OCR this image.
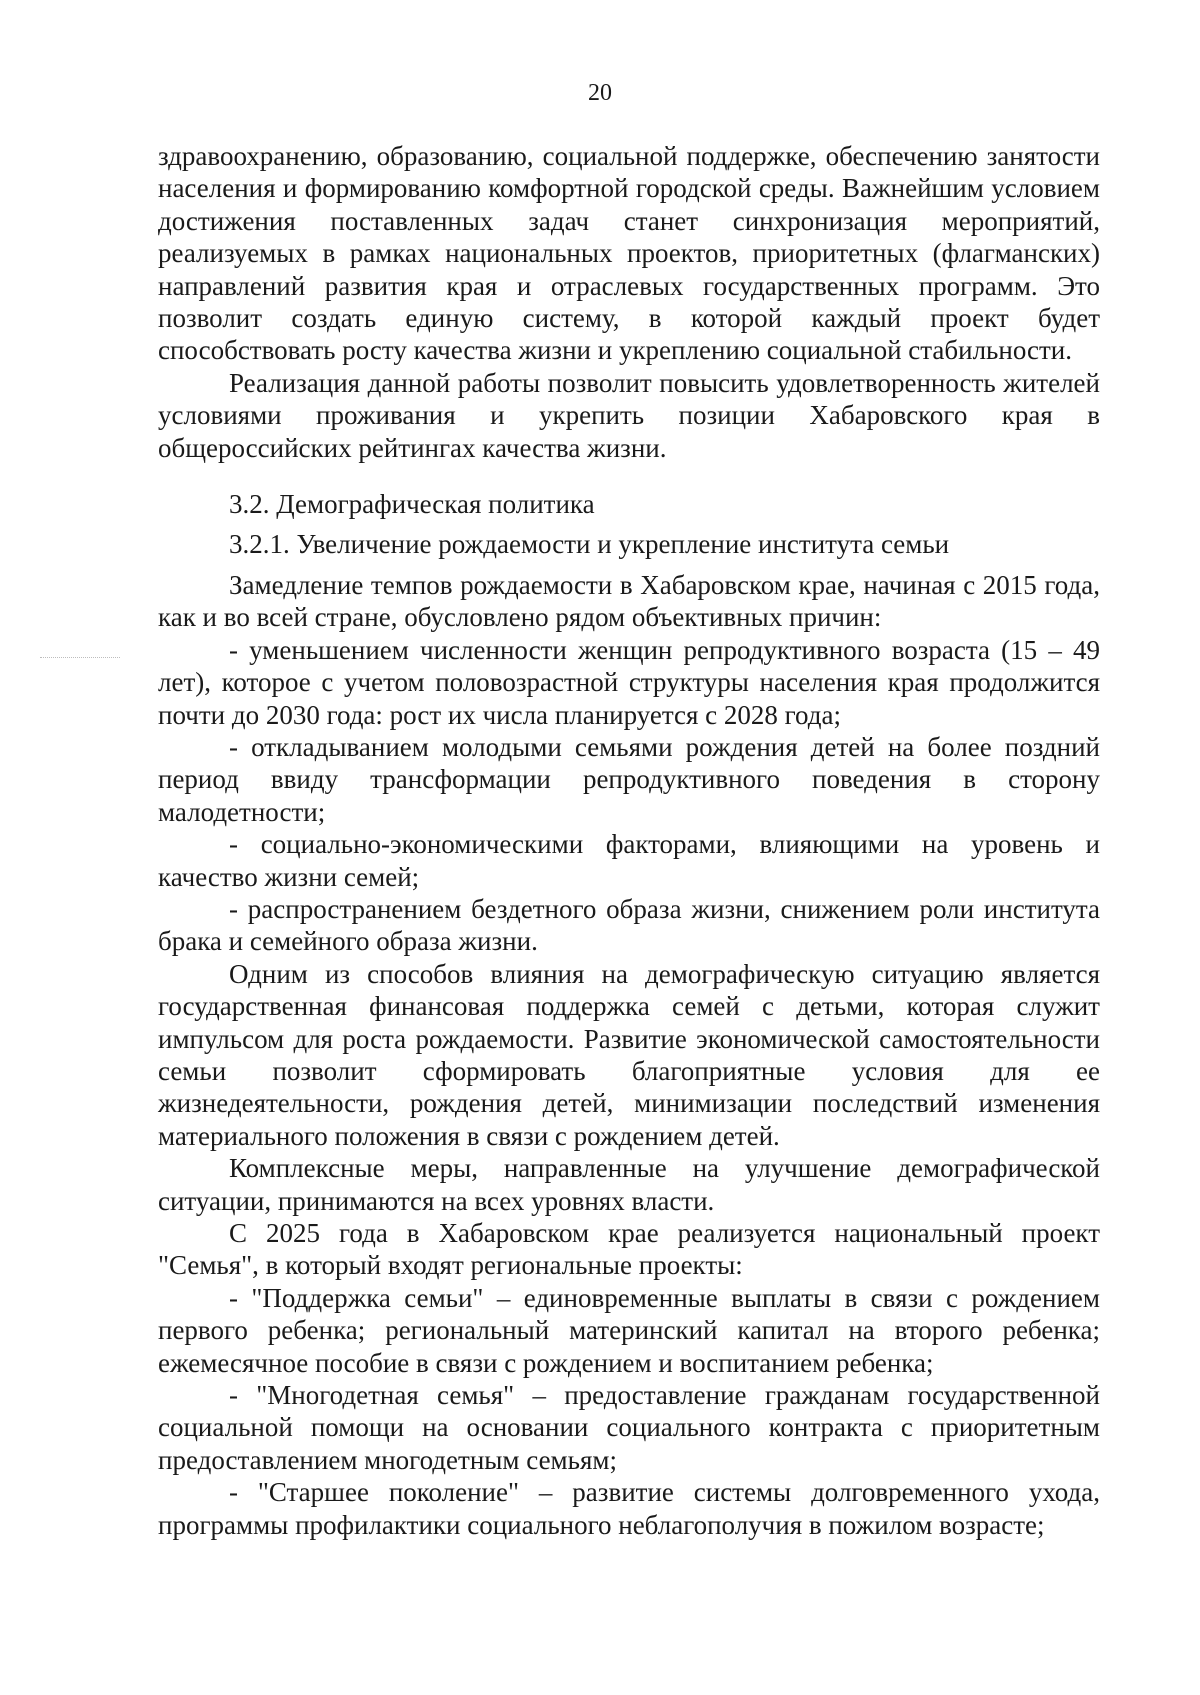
20

здравоохранению, образованию, социальной поддержке, обеспечению занятости населения и формированию комфортной городской среды. Важнейшим условием достижения поставленных задач станет синхронизация мероприятий, реализуемых в рамках национальных проектов, приоритетных (флагманских) направлений развития края и отраслевых государственных программ. Это позволит создать единую систему, в которой каждый проект будет способствовать росту качества жизни и укреплению социальной стабильности.

Реализация данной работы позволит повысить удовлетворенность жителей условиями проживания и укрепить позиции Хабаровского края в общероссийских рейтингах качества жизни.

3.2. Демографическая политика

3.2.1. Увеличение рождаемости и укрепление института семьи

Замедление темпов рождаемости в Хабаровском крае, начиная с 2015 года, как и во всей стране, обусловлено рядом объективных причин:

- уменьшением численности женщин репродуктивного возраста (15 – 49 лет), которое с учетом половозрастной структуры населения края продолжится почти до 2030 года: рост их числа планируется с 2028 года;

- откладыванием молодыми семьями рождения детей на более поздний период ввиду трансформации репродуктивного поведения в сторону малодетности;

- социально-экономическими факторами, влияющими на уровень и качество жизни семей;

- распространением бездетного образа жизни, снижением роли института брака и семейного образа жизни.

Одним из способов влияния на демографическую ситуацию является государственная финансовая поддержка семей с детьми, которая служит импульсом для роста рождаемости. Развитие экономической самостоятельности семьи позволит сформировать благоприятные условия для ее жизнедеятельности, рождения детей, минимизации последствий изменения материального положения в связи с рождением детей.

Комплексные меры, направленные на улучшение демографической ситуации, принимаются на всех уровнях власти.

С 2025 года в Хабаровском крае реализуется национальный проект "Семья", в который входят региональные проекты:

- "Поддержка семьи" – единовременные выплаты в связи с рождением первого ребенка; региональный материнский капитал на второго ребенка; ежемесячное пособие в связи с рождением и воспитанием ребенка;

- "Многодетная семья" – предоставление гражданам государственной социальной помощи на основании социального контракта с приоритетным предоставлением многодетным семьям;

- "Старшее поколение" – развитие системы долговременного ухода, программы профилактики социального неблагополучия в пожилом возрасте;
